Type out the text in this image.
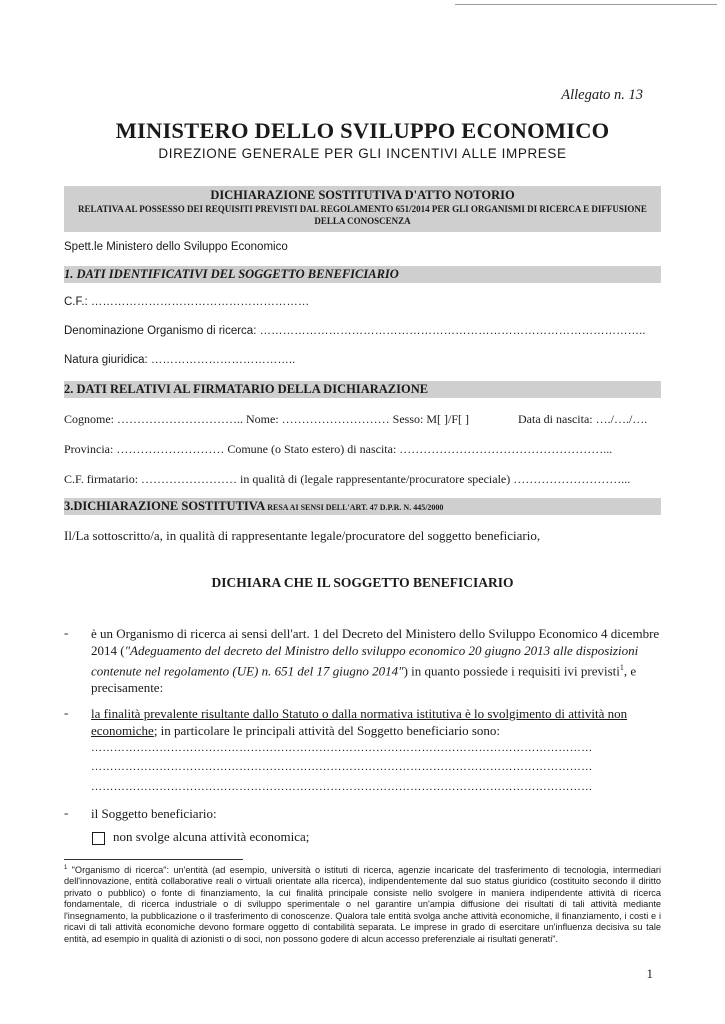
Allegato n. 13
MINISTERO DELLO SVILUPPO ECONOMICO
DIREZIONE GENERALE PER GLI INCENTIVI ALLE IMPRESE
DICHIARAZIONE SOSTITUTIVA D'ATTO NOTORIO
RELATIVA AL POSSESSO DEI REQUISITI PREVISTI DAL REGOLAMENTO 651/2014 PER GLI ORGANISMI DI RICERCA E DIFFUSIONE DELLA CONOSCENZA
Spett.le Ministero dello Sviluppo Economico
1. DATI IDENTIFICATIVI DEL SOGGETTO BENEFICIARIO
C.F.: …………………………………………………
Denominazione Organismo di ricerca: ………………………………………………………………………………………..
Natura giuridica: ………………………………..
2. DATI RELATIVI AL FIRMATARIO DELLA DICHIARAZIONE
Cognome: ………………………….. Nome: ……………………… Sesso: M[ ]/F[ ]	Data di nascita: …./…./….
Provincia: ……………………… Comune (o Stato estero) di nascita: ……………………………………………...
C.F. firmatario: …………………… in qualità di (legale rappresentante/procuratore speciale) ………………………...
3.DICHIARAZIONE SOSTITUTIVA RESA AI SENSI DELL'ART. 47 D.P.R. N. 445/2000
Il/La sottoscritto/a, in qualità di rappresentante legale/procuratore del soggetto beneficiario,
DICHIARA CHE IL SOGGETTO BENEFICIARIO
- è un Organismo di ricerca ai sensi dell'art. 1 del Decreto del Ministero dello Sviluppo Economico 4 dicembre 2014 ("Adeguamento del decreto del Ministro dello sviluppo economico 20 giugno 2013 alle disposizioni contenute nel regolamento (UE) n. 651 del 17 giugno 2014") in quanto possiede i requisiti ivi previsti$^1$, e precisamente:
- la finalità prevalente risultante dallo Statuto o dalla normativa istitutiva è lo svolgimento di attività non economiche; in particolare le principali attività del Soggetto beneficiario sono:
……………………………………………………………………………………………………………………
……………………………………………………………………………………………………………………
……………………………………………………………………………………………………………………
- il Soggetto beneficiario:
non svolge alcuna attività economica;
$^1$ "Organismo di ricerca": un'entità (ad esempio, università o istituti di ricerca, agenzie incaricate del trasferimento di tecnologia, intermediari dell'innovazione, entità collaborative reali o virtuali orientate alla ricerca), indipendentemente dal suo status giuridico (costituito secondo il diritto privato o pubblico) o fonte di finanziamento, la cui finalità principale consiste nello svolgere in maniera indipendente attività di ricerca fondamentale, di ricerca industriale o di sviluppo sperimentale o nel garantire un'ampia diffusione dei risultati di tali attività mediante l'insegnamento, la pubblicazione o il trasferimento di conoscenze. Qualora tale entità svolga anche attività economiche, il finanziamento, i costi e i ricavi di tali attività economiche devono formare oggetto di contabilità separata. Le imprese in grado di esercitare un'influenza decisiva su tale entità, ad esempio in qualità di azionisti o di soci, non possono godere di alcun accesso preferenziale ai risultati generati".
1
